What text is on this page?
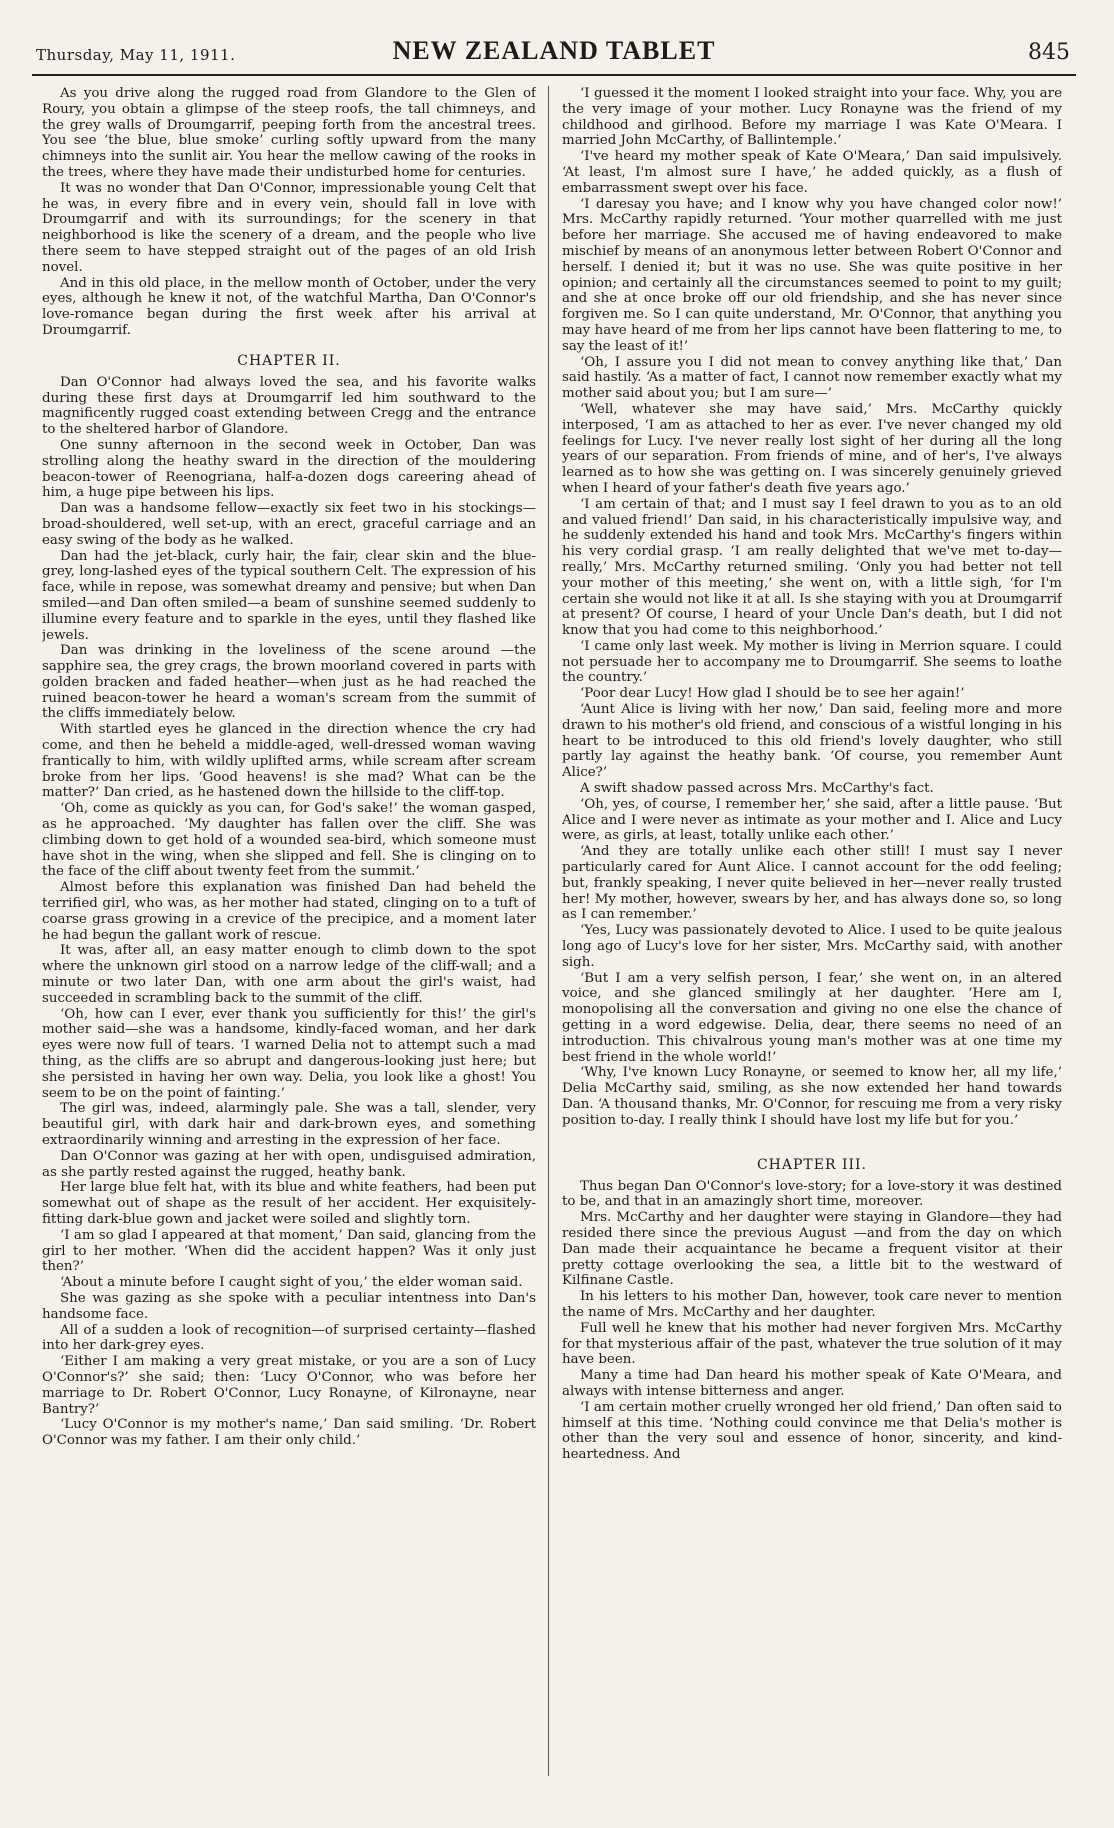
Thursday, May 11, 1911.	NEW ZEALAND TABLET	845

As you drive along the rugged road from Glandore to the Glen of Roury, you obtain a glimpse of the steep roofs, the tall chimneys, and the grey walls of Droumgarrif, peeping forth from the ancestral trees. You see ‘the blue, blue smoke’ curling softly upward from the many chimneys into the sunlit air. You hear the mellow cawing of the rooks in the trees, where they have made their undisturbed home for centuries.

It was no wonder that Dan O'Connor, impressionable young Celt that he was, in every fibre and in every vein, should fall in love with Droumgarrif and with its surroundings; for the scenery in that neighborhood is like the scenery of a dream, and the people who live there seem to have stepped straight out of the pages of an old Irish novel.

And in this old place, in the mellow month of October, under the very eyes, although he knew it not, of the watchful Martha, Dan O'Connor's love-romance began during the first week after his arrival at Droumgarrif.

CHAPTER II.

Dan O'Connor had always loved the sea, and his favorite walks during these first days at Droumgarrif led him southward to the magnificently rugged coast extending between Cregg and the entrance to the sheltered harbor of Glandore.

One sunny afternoon in the second week in October, Dan was strolling along the heathy sward in the direction of the mouldering beacon-tower of Reenogriana, half-a-dozen dogs careering ahead of him, a huge pipe between his lips.

Dan was a handsome fellow—exactly six feet two in his stockings—broad-shouldered, well set-up, with an erect, graceful carriage and an easy swing of the body as he walked.

Dan had the jet-black, curly hair, the fair, clear skin and the blue-grey, long-lashed eyes of the typical southern Celt. The expression of his face, while in repose, was somewhat dreamy and pensive; but when Dan smiled—and Dan often smiled—a beam of sunshine seemed suddenly to illumine every feature and to sparkle in the eyes, until they flashed like jewels.

Dan was drinking in the loveliness of the scene around —the sapphire sea, the grey crags, the brown moorland covered in parts with golden bracken and faded heather—when just as he had reached the ruined beacon-tower he heard a woman's scream from the summit of the cliffs immediately below.

With startled eyes he glanced in the direction whence the cry had come, and then he beheld a middle-aged, well-dressed woman waving frantically to him, with wildly uplifted arms, while scream after scream broke from her lips. ‘Good heavens! is she mad? What can be the matter?’ Dan cried, as he hastened down the hillside to the cliff-top.

‘Oh, come as quickly as you can, for God's sake!’ the woman gasped, as he approached. ‘My daughter has fallen over the cliff. She was climbing down to get hold of a wounded sea-bird, which someone must have shot in the wing, when she slipped and fell. She is clinging on to the face of the cliff about twenty feet from the summit.’

Almost before this explanation was finished Dan had beheld the terrified girl, who was, as her mother had stated, clinging on to a tuft of coarse grass growing in a crevice of the precipice, and a moment later he had begun the gallant work of rescue.

It was, after all, an easy matter enough to climb down to the spot where the unknown girl stood on a narrow ledge of the cliff-wall; and a minute or two later Dan, with one arm about the girl's waist, had succeeded in scrambling back to the summit of the cliff.

‘Oh, how can I ever, ever thank you sufficiently for this!’ the girl's mother said—she was a handsome, kindly-faced woman, and her dark eyes were now full of tears. ‘I warned Delia not to attempt such a mad thing, as the cliffs are so abrupt and dangerous-looking just here; but she persisted in having her own way. Delia, you look like a ghost! You seem to be on the point of fainting.’

The girl was, indeed, alarmingly pale. She was a tall, slender, very beautiful girl, with dark hair and dark-brown eyes, and something extraordinarily winning and arresting in the expression of her face.

Dan O'Connor was gazing at her with open, undisguised admiration, as she partly rested against the rugged, heathy bank.

Her large blue felt hat, with its blue and white feathers, had been put somewhat out of shape as the result of her accident. Her exquisitely-fitting dark-blue gown and jacket were soiled and slightly torn.

‘I am so glad I appeared at that moment,’ Dan said, glancing from the girl to her mother. ‘When did the accident happen? Was it only just then?’

‘About a minute before I caught sight of you,’ the elder woman said.

She was gazing as she spoke with a peculiar intentness into Dan's handsome face.

All of a sudden a look of recognition—of surprised certainty—flashed into her dark-grey eyes.

‘Either I am making a very great mistake, or you are a son of Lucy O'Connor's?’ she said; then: ‘Lucy O'Connor, who was before her marriage to Dr. Robert O'Connor, Lucy Ronayne, of Kilronayne, near Bantry?’

‘Lucy O'Connor is my mother's name,’ Dan said smiling. ‘Dr. Robert O'Connor was my father. I am their only child.’

‘I guessed it the moment I looked straight into your face. Why, you are the very image of your mother. Lucy Ronayne was the friend of my childhood and girlhood. Before my marriage I was Kate O'Meara. I married John McCarthy, of Ballintemple.’

‘I've heard my mother speak of Kate O'Meara,’ Dan said impulsively. ‘At least, I'm almost sure I have,’ he added quickly, as a flush of embarrassment swept over his face.

‘I daresay you have; and I know why you have changed color now!’ Mrs. McCarthy rapidly returned. ‘Your mother quarrelled with me just before her marriage. She accused me of having endeavored to make mischief by means of an anonymous letter between Robert O'Connor and herself. I denied it; but it was no use. She was quite positive in her opinion; and certainly all the circumstances seemed to point to my guilt; and she at once broke off our old friendship, and she has never since forgiven me. So I can quite understand, Mr. O'Connor, that anything you may have heard of me from her lips cannot have been flattering to me, to say the least of it!’

‘Oh, I assure you I did not mean to convey anything like that,’ Dan said hastily. ‘As a matter of fact, I cannot now remember exactly what my mother said about you; but I am sure—’

‘Well, whatever she may have said,’ Mrs. McCarthy quickly interposed, ‘I am as attached to her as ever. I've never changed my old feelings for Lucy. I've never really lost sight of her during all the long years of our separation. From friends of mine, and of her's, I've always learned as to how she was getting on. I was sincerely genuinely grieved when I heard of your father's death five years ago.’

‘I am certain of that; and I must say I feel drawn to you as to an old and valued friend!’ Dan said, in his characteristically impulsive way, and he suddenly extended his hand and took Mrs. McCarthy's fingers within his very cordial grasp. ‘I am really delighted that we've met to-day—really,’ Mrs. McCarthy returned smiling. ‘Only you had better not tell your mother of this meeting,’ she went on, with a little sigh, ‘for I'm certain she would not like it at all. Is she staying with you at Droumgarrif at present? Of course, I heard of your Uncle Dan's death, but I did not know that you had come to this neighborhood.’

‘I came only last week. My mother is living in Merrion square. I could not persuade her to accompany me to Droumgarrif. She seems to loathe the country.’

‘Poor dear Lucy! How glad I should be to see her again!’

‘Aunt Alice is living with her now,’ Dan said, feeling more and more drawn to his mother's old friend, and conscious of a wistful longing in his heart to be introduced to this old friend's lovely daughter, who still partly lay against the heathy bank. ‘Of course, you remember Aunt Alice?’

A swift shadow passed across Mrs. McCarthy's fact.

‘Oh, yes, of course, I remember her,’ she said, after a little pause. ‘But Alice and I were never as intimate as your mother and I. Alice and Lucy were, as girls, at least, totally unlike each other.’

‘And they are totally unlike each other still! I must say I never particularly cared for Aunt Alice. I cannot account for the odd feeling; but, frankly speaking, I never quite believed in her—never really trusted her! My mother, however, swears by her, and has always done so, so long as I can remember.’

‘Yes, Lucy was passionately devoted to Alice. I used to be quite jealous long ago of Lucy's love for her sister, Mrs. McCarthy said, with another sigh.

‘But I am a very selfish person, I fear,’ she went on, in an altered voice, and she glanced smilingly at her daughter. ‘Here am I, monopolising all the conversation and giving no one else the chance of getting in a word edgewise. Delia, dear, there seems no need of an introduction. This chivalrous young man's mother was at one time my best friend in the whole world!’

‘Why, I've known Lucy Ronayne, or seemed to know her, all my life,’ Delia McCarthy said, smiling, as she now extended her hand towards Dan. ‘A thousand thanks, Mr. O'Connor, for rescuing me from a very risky position to-day. I really think I should have lost my life but for you.’

CHAPTER III.

Thus began Dan O'Connor's love-story; for a love-story it was destined to be, and that in an amazingly short time, moreover.

Mrs. McCarthy and her daughter were staying in Glandore—they had resided there since the previous August —and from the day on which Dan made their acquaintance he became a frequent visitor at their pretty cottage overlooking the sea, a little bit to the westward of Kilfinane Castle.

In his letters to his mother Dan, however, took care never to mention the name of Mrs. McCarthy and her daughter.

Full well he knew that his mother had never forgiven Mrs. McCarthy for that mysterious affair of the past, whatever the true solution of it may have been.

Many a time had Dan heard his mother speak of Kate O'Meara, and always with intense bitterness and anger.

‘I am certain mother cruelly wronged her old friend,’ Dan often said to himself at this time. ‘Nothing could convince me that Delia's mother is other than the very soul and essence of honor, sincerity, and kind-heartedness. And
